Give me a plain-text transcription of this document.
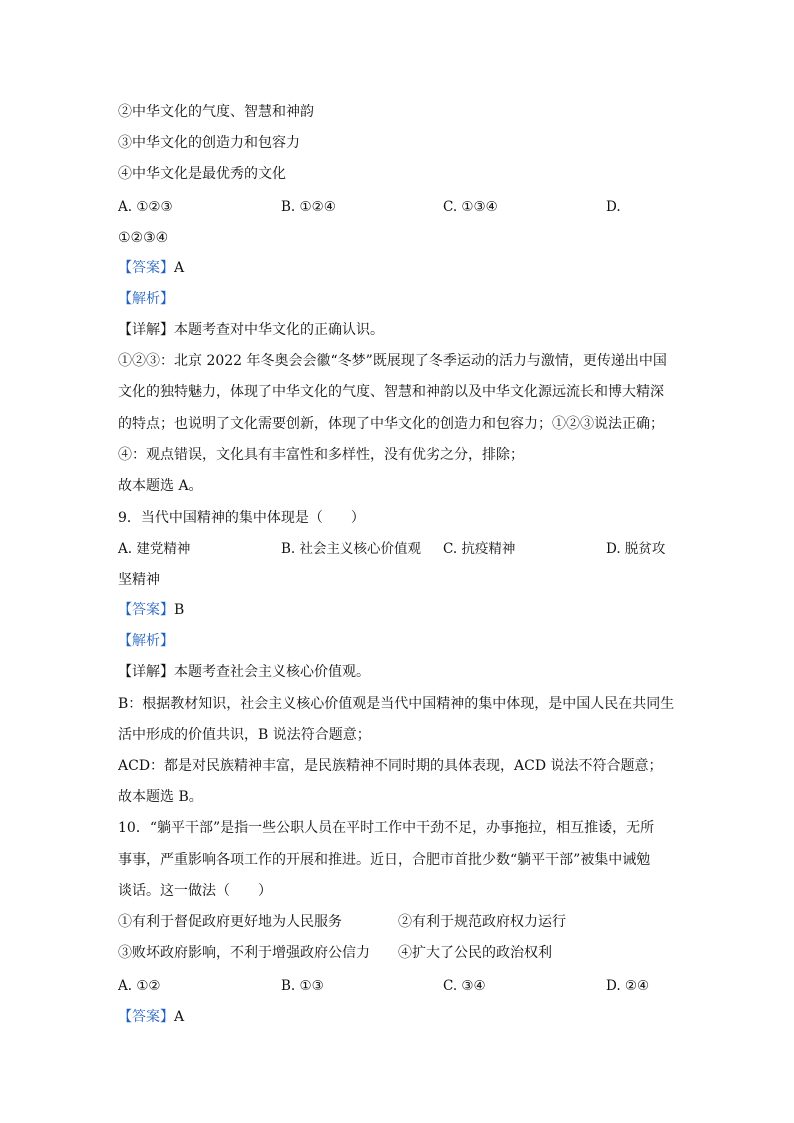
②中华文化的气度、智慧和神韵
③中华文化的创造力和包容力
④中华文化是最优秀的文化
A. ①②③	B. ①②④	C. ①③④	D.
①②③④
【答案】A
【解析】
【详解】本题考查对中华文化的正确认识。
①②③：北京 2022 年冬奥会会徽“冬梦”既展现了冬季运动的活力与激情，更传递出中国
文化的独特魅力，体现了中华文化的气度、智慧和神韵以及中华文化源远流长和博大精深
的特点；也说明了文化需要创新，体现了中华文化的创造力和包容力；①②③说法正确；
④：观点错误，文化具有丰富性和多样性，没有优劣之分，排除；
故本题选 A。
9．当代中国精神的集中体现是（　　）
A. 建党精神	B. 社会主义核心价值观 C. 抗疫精神	D. 脱贫攻
坚精神
【答案】B
【解析】
【详解】本题考查社会主义核心价值观。
B：根据教材知识，社会主义核心价值观是当代中国精神的集中体现，是中国人民在共同生
活中形成的价值共识，B 说法符合题意；
ACD：都是对民族精神丰富，是民族精神不同时期的具体表现，ACD 说法不符合题意；
故本题选 B。
10．“躺平干部”是指一些公职人员在平时工作中干劲不足，办事拖拉，相互推诿，无所
事事，严重影响各项工作的开展和推进。近日，合肥市首批少数“躺平干部”被集中诫勉
谈话。这一做法（　　）
①有利于督促政府更好地为人民服务	②有利于规范政府权力运行
③败坏政府影响，不利于增强政府公信力 ④扩大了公民的政治权利
A. ①②	B. ①③	C. ③④	D. ②④
【答案】A
